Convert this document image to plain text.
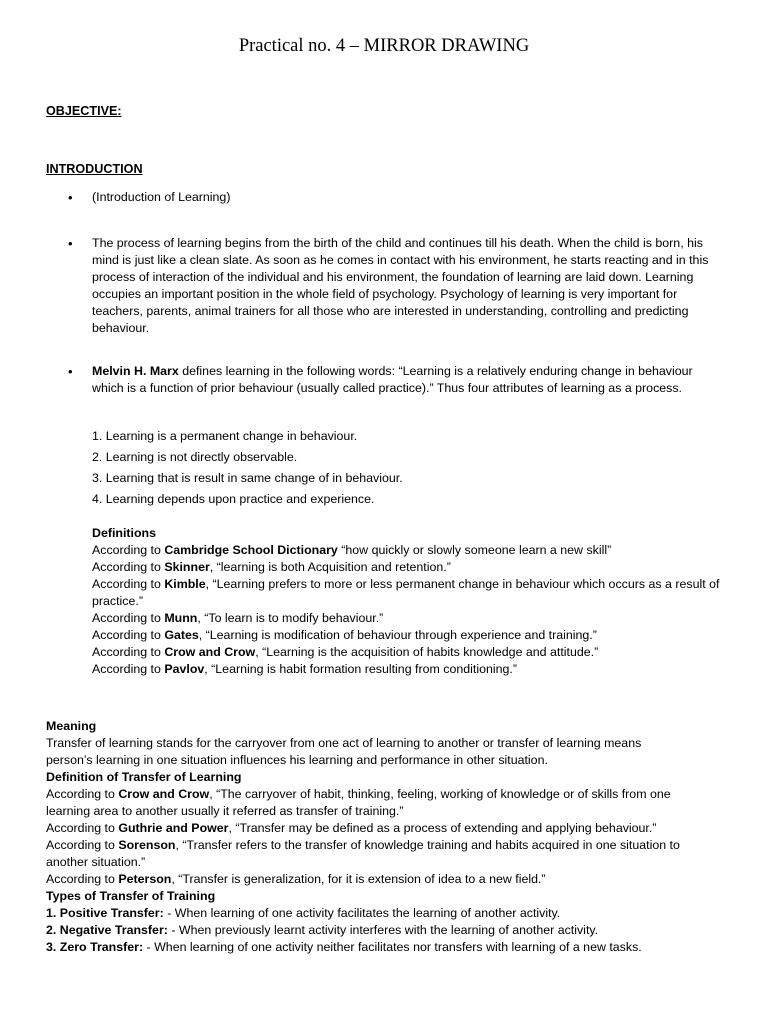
Practical no. 4 – MIRROR DRAWING
OBJECTIVE:
INTRODUCTION
• (Introduction of Learning)
• The process of learning begins from the birth of the child and continues till his death. When the child is born, his mind is just like a clean slate. As soon as he comes in contact with his environment, he starts reacting and in this process of interaction of the individual and his environment, the foundation of learning are laid down. Learning occupies an important position in the whole field of psychology. Psychology of learning is very important for teachers, parents, animal trainers for all those who are interested in understanding, controlling and predicting behaviour.
• Melvin H. Marx defines learning in the following words: “Learning is a relatively enduring change in behaviour which is a function of prior behaviour (usually called practice).” Thus four attributes of learning as a process.
1. Learning is a permanent change in behaviour.
2. Learning is not directly observable.
3. Learning that is result in same change of in behaviour.
4. Learning depends upon practice and experience.
Definitions
According to Cambridge School Dictionary “how quickly or slowly someone learn a new skill”
According to Skinner, “learning is both Acquisition and retention.”
According to Kimble, “Learning prefers to more or less permanent change in behaviour which occurs as a result of practice.”
According to Munn, “To learn is to modify behaviour.”
According to Gates, “Learning is modification of behaviour through experience and training.”
According to Crow and Crow, “Learning is the acquisition of habits knowledge and attitude.”
According to Pavlov, “Learning is habit formation resulting from conditioning.”
Meaning
Transfer of learning stands for the carryover from one act of learning to another or transfer of learning means person’s learning in one situation influences his learning and performance in other situation.
Definition of Transfer of Learning
According to Crow and Crow, “The carryover of habit, thinking, feeling, working of knowledge or of skills from one learning area to another usually it referred as transfer of training.”
According to Guthrie and Power, “Transfer may be defined as a process of extending and applying behaviour.”
According to Sorenson, “Transfer refers to the transfer of knowledge training and habits acquired in one situation to another situation.”
According to Peterson, “Transfer is generalization, for it is extension of idea to a new field.”
Types of Transfer of Training
1. Positive Transfer: - When learning of one activity facilitates the learning of another activity.
2. Negative Transfer: - When previously learnt activity interferes with the learning of another activity.
3. Zero Transfer: - When learning of one activity neither facilitates nor transfers with learning of a new tasks.
